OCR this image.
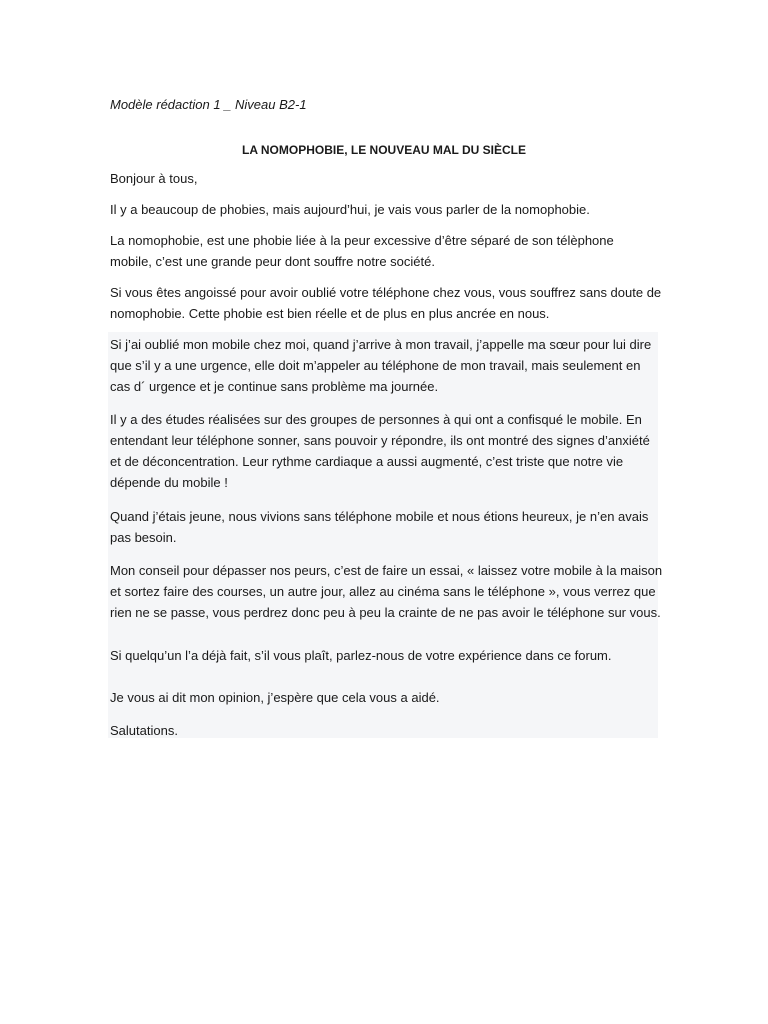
Modèle rédaction 1 _ Niveau B2-1
LA NOMOPHOBIE, LE NOUVEAU MAL DU SIÈCLE
Bonjour à tous,
Il y a beaucoup de phobies, mais aujourd’hui, je vais vous parler de la nomophobie.
La nomophobie, est une phobie liée à la peur excessive d’être séparé de son télèphone
mobile, c’est une grande peur dont souffre notre société.
Si vous êtes angoissé pour avoir oublié votre téléphone chez vous, vous souffrez sans doute de
nomophobie. Cette phobie est bien réelle et de plus en plus ancrée en nous.
Si j’ai oublié mon mobile chez moi, quand j’arrive à mon travail, j’appelle ma sœur pour lui dire
que s’il y a une urgence, elle doit m’appeler au téléphone de mon travail, mais seulement en
cas d´ urgence et je continue sans problème ma journée.
Il y a des études réalisées sur des groupes de personnes à qui ont a confisqué le mobile. En
entendant leur téléphone sonner, sans pouvoir y répondre, ils ont montré des signes d’anxiété
et de déconcentration. Leur rythme cardiaque a aussi augmenté, c’est triste que notre vie
dépende du mobile !
Quand j’étais jeune, nous vivions sans téléphone mobile et nous étions heureux, je n’en avais
pas besoin.
Mon conseil pour dépasser nos peurs, c’est de faire un essai, « laissez votre mobile à la maison
et sortez faire des courses, un autre jour, allez au cinéma sans le téléphone », vous verrez que
rien ne se passe, vous perdrez donc peu à peu la crainte de ne pas avoir le téléphone sur vous.
Si quelqu’un l’a déjà fait, s’il vous plaît, parlez-nous de votre expérience dans ce forum.
Je vous ai dit mon opinion, j’espère que cela vous a aidé.
Salutations.
